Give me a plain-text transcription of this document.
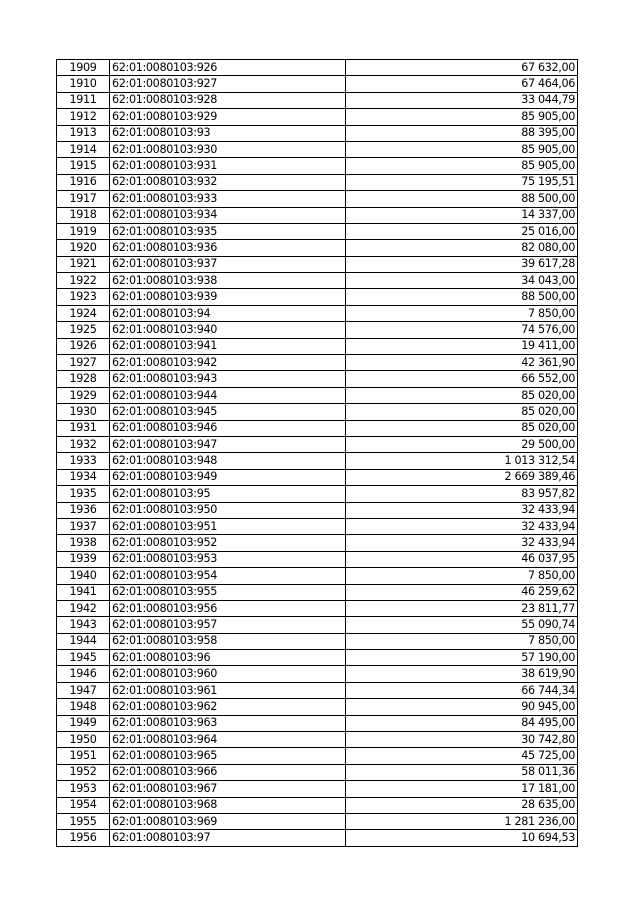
1909	62:01:0080103:926	67 632,00
1910	62:01:0080103:927	67 464,06
1911	62:01:0080103:928	33 044,79
1912	62:01:0080103:929	85 905,00
1913	62:01:0080103:93	88 395,00
1914	62:01:0080103:930	85 905,00
1915	62:01:0080103:931	85 905,00
1916	62:01:0080103:932	75 195,51
1917	62:01:0080103:933	88 500,00
1918	62:01:0080103:934	14 337,00
1919	62:01:0080103:935	25 016,00
1920	62:01:0080103:936	82 080,00
1921	62:01:0080103:937	39 617,28
1922	62:01:0080103:938	34 043,00
1923	62:01:0080103:939	88 500,00
1924	62:01:0080103:94	7 850,00
1925	62:01:0080103:940	74 576,00
1926	62:01:0080103:941	19 411,00
1927	62:01:0080103:942	42 361,90
1928	62:01:0080103:943	66 552,00
1929	62:01:0080103:944	85 020,00
1930	62:01:0080103:945	85 020,00
1931	62:01:0080103:946	85 020,00
1932	62:01:0080103:947	29 500,00
1933	62:01:0080103:948	1 013 312,54
1934	62:01:0080103:949	2 669 389,46
1935	62:01:0080103:95	83 957,82
1936	62:01:0080103:950	32 433,94
1937	62:01:0080103:951	32 433,94
1938	62:01:0080103:952	32 433,94
1939	62:01:0080103:953	46 037,95
1940	62:01:0080103:954	7 850,00
1941	62:01:0080103:955	46 259,62
1942	62:01:0080103:956	23 811,77
1943	62:01:0080103:957	55 090,74
1944	62:01:0080103:958	7 850,00
1945	62:01:0080103:96	57 190,00
1946	62:01:0080103:960	38 619,90
1947	62:01:0080103:961	66 744,34
1948	62:01:0080103:962	90 945,00
1949	62:01:0080103:963	84 495,00
1950	62:01:0080103:964	30 742,80
1951	62:01:0080103:965	45 725,00
1952	62:01:0080103:966	58 011,36
1953	62:01:0080103:967	17 181,00
1954	62:01:0080103:968	28 635,00
1955	62:01:0080103:969	1 281 236,00
1956	62:01:0080103:97	10 694,53
